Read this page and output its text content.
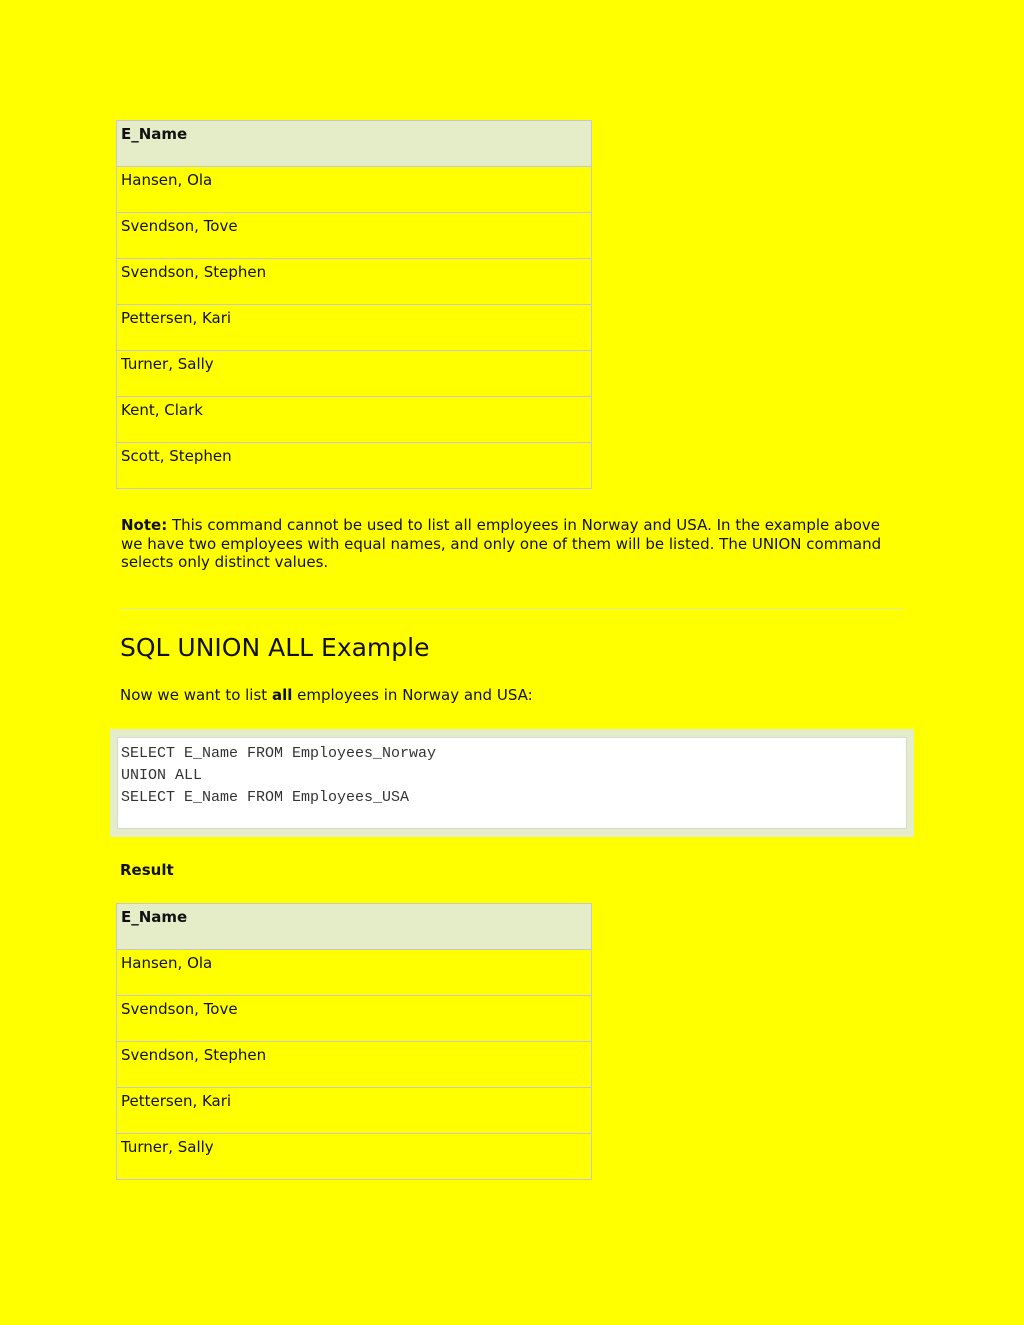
E_Name
Hansen, Ola
Svendson, Tove
Svendson, Stephen
Pettersen, Kari
Turner, Sally
Kent, Clark
Scott, Stephen

Note: This command cannot be used to list all employees in Norway and USA. In the example above we have two employees with equal names, and only one of them will be listed. The UNION command selects only distinct values.

SQL UNION ALL Example

Now we want to list all employees in Norway and USA:

SELECT E_Name FROM Employees_Norway
UNION ALL
SELECT E_Name FROM Employees_USA

Result

E_Name
Hansen, Ola
Svendson, Tove
Svendson, Stephen
Pettersen, Kari
Turner, Sally
